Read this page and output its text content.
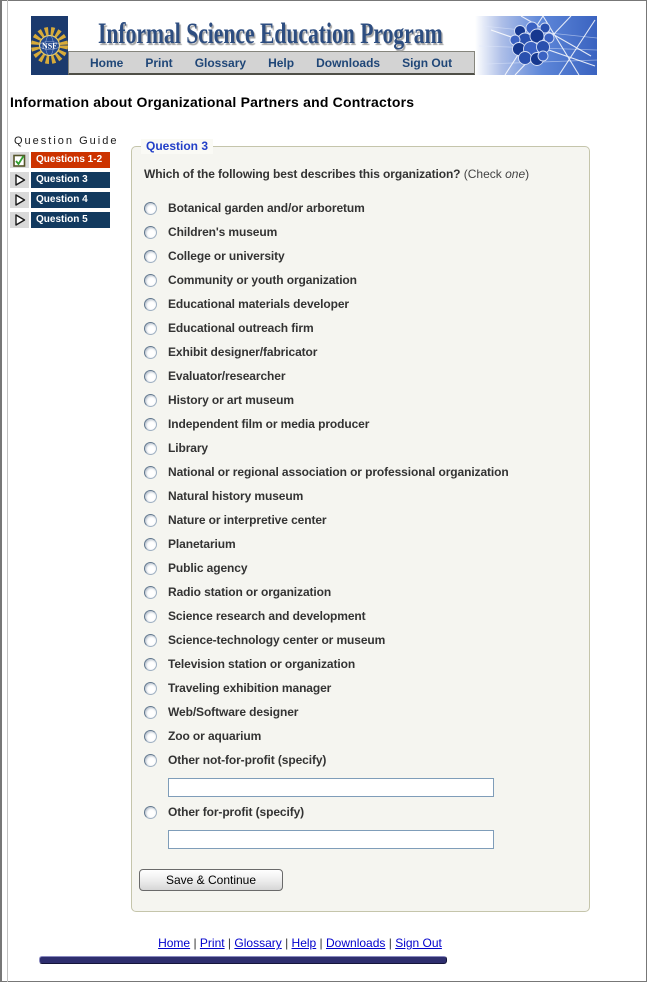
NSF Informal Science Education Program
Home Print Glossary Help Downloads Sign Out
Information about Organizational Partners and Contractors
Question Guide
Questions 1-2
Question 3
Question 4
Question 5
Question 3
Which of the following best describes this organization? (Check one)
Botanical garden and/or arboretum
Children's museum
College or university
Community or youth organization
Educational materials developer
Educational outreach firm
Exhibit designer/fabricator
Evaluator/researcher
History or art museum
Independent film or media producer
Library
National or regional association or professional organization
Natural history museum
Nature or interpretive center
Planetarium
Public agency
Radio station or organization
Science research and development
Science-technology center or museum
Television station or organization
Traveling exhibition manager
Web/Software designer
Zoo or aquarium
Other not-for-profit (specify)
Other for-profit (specify)
Save & Continue
Home | Print | Glossary | Help | Downloads | Sign Out
